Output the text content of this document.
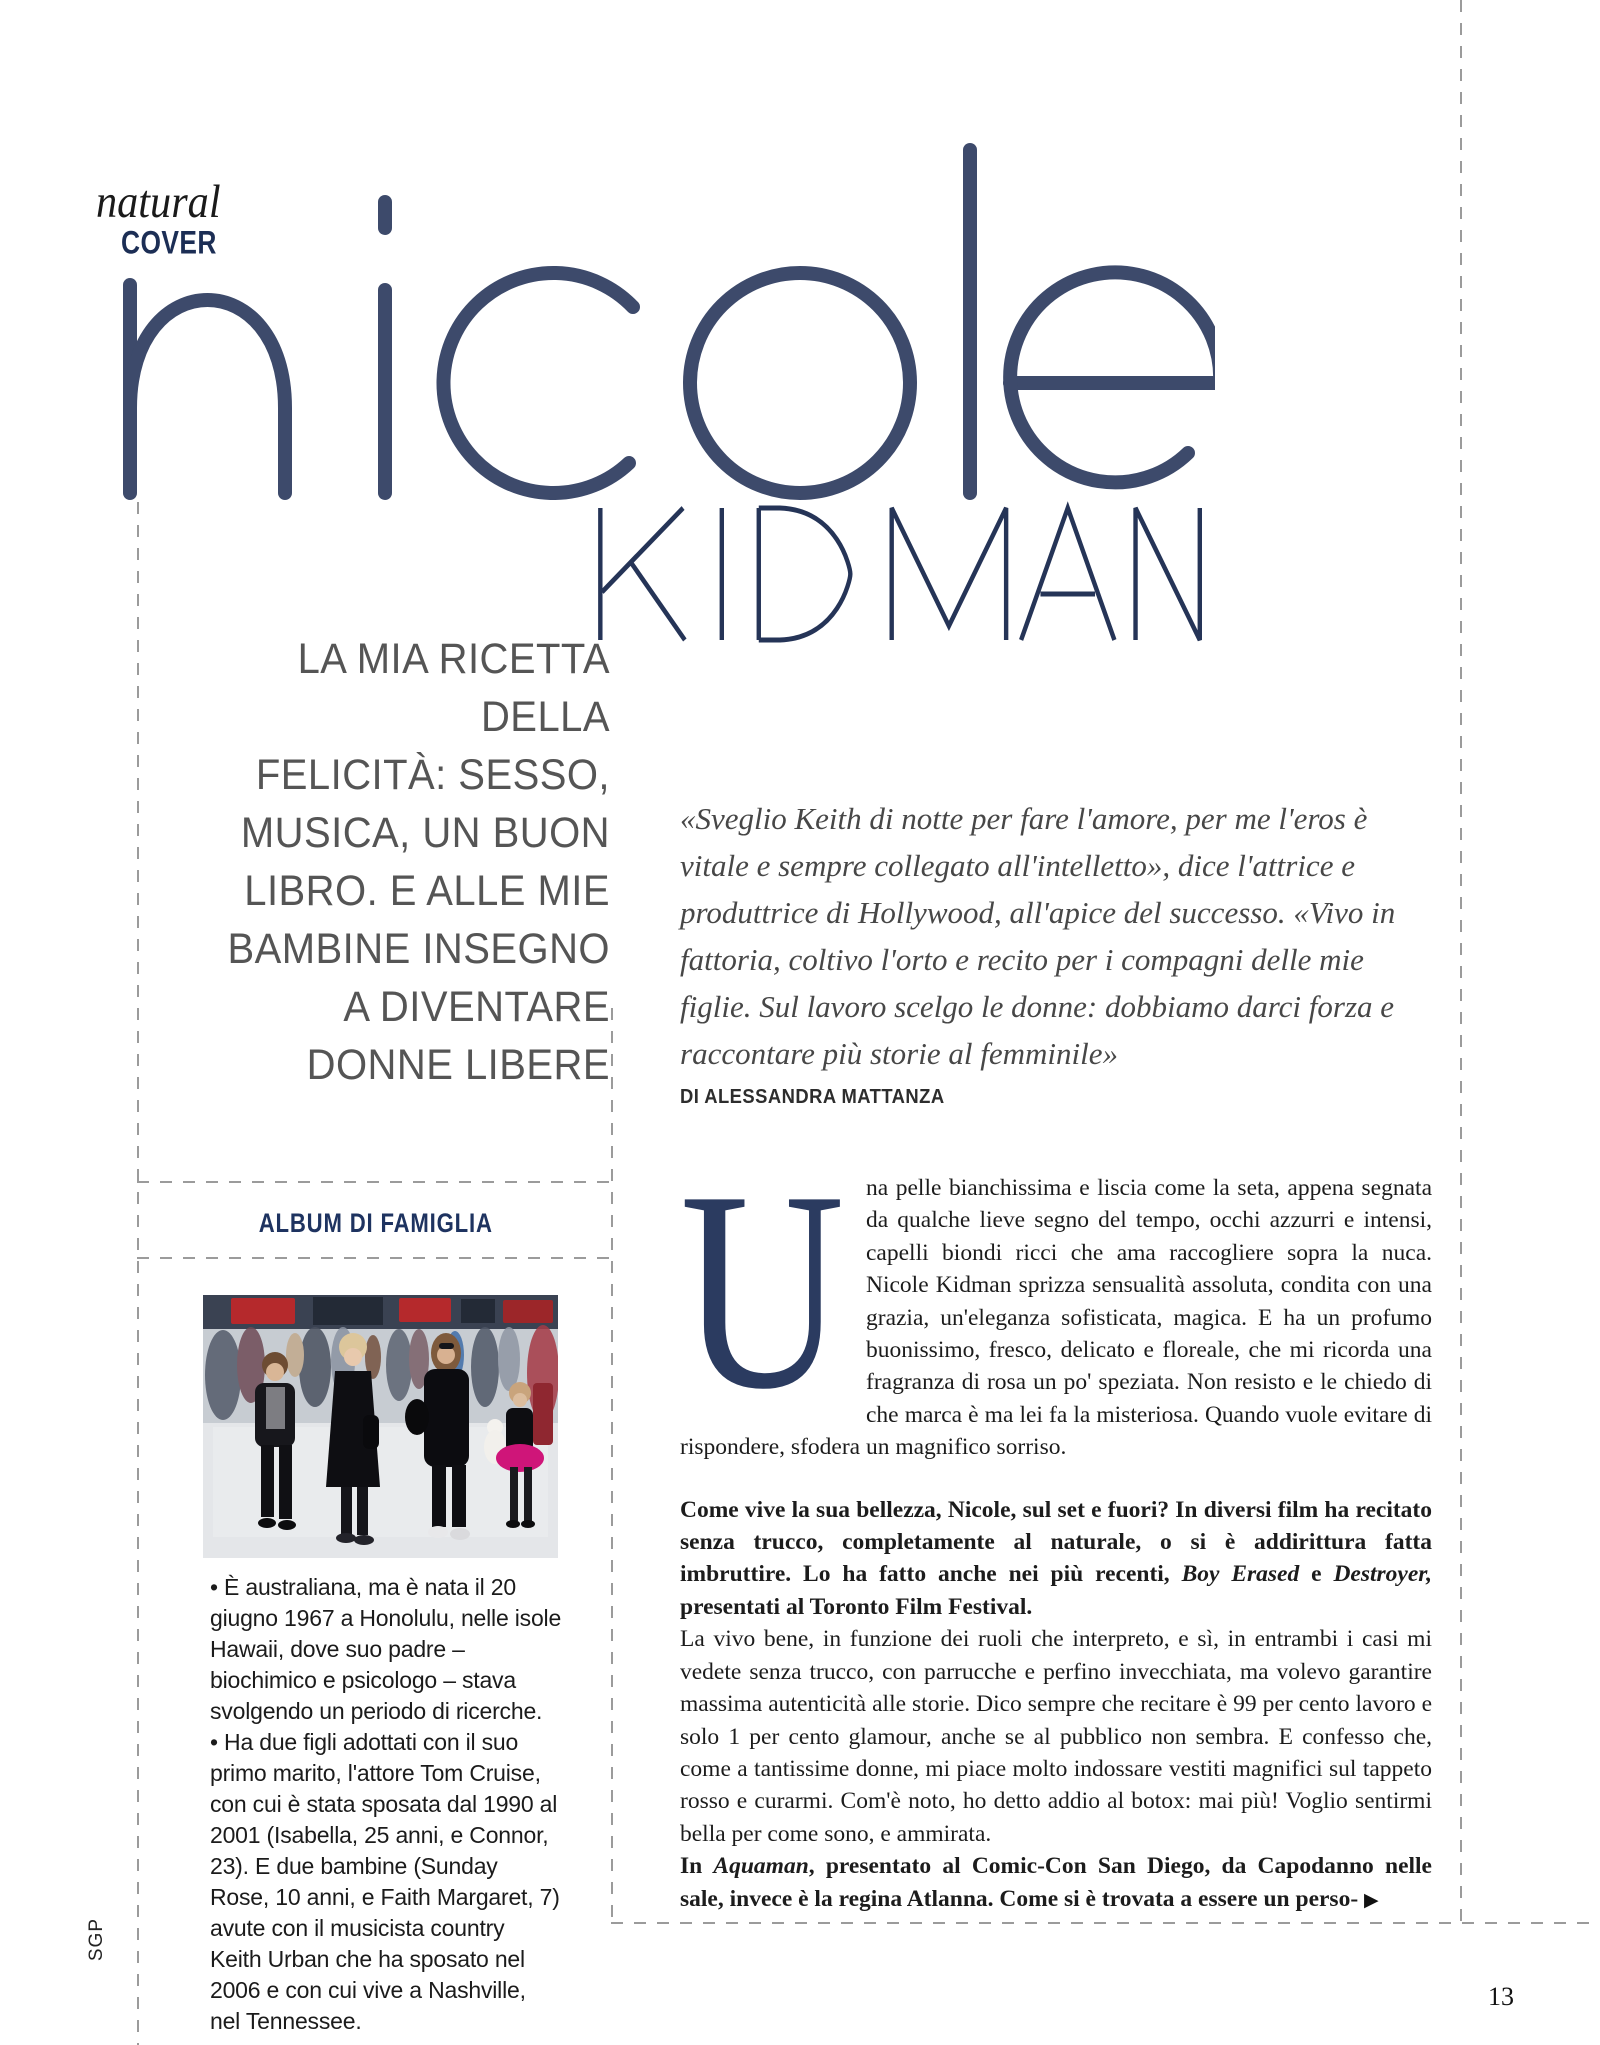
natural
COVER
LA MIA RICETTA DELLA
FELICITÀ: SESSO,
MUSICA, UN BUON
LIBRO. E ALLE MIE
BAMBINE INSEGNO
A DIVENTARE
DONNE LIBERE
«Sveglio Keith di notte per fare l'amore, per me l'eros è vitale e sempre collegato all'intelletto», dice l'attrice e produttrice di Hollywood, all'apice del successo. «Vivo in fattoria, coltivo l'orto e recito per i compagni delle mie figlie. Sul lavoro scelgo le donne: dobbiamo darci forza e raccontare più storie al femminile»
DI ALESSANDRA MATTANZA

Una pelle bianchissima e liscia come la seta, appena segnata da qualche lieve segno del tempo, occhi azzurri e intensi, capelli biondi ricci che ama raccogliere sopra la nuca. Nicole Kidman sprizza sensualità assoluta, condita con una grazia, un'eleganza sofisticata, magica. E ha un profumo buonissimo, fresco, delicato e floreale, che mi ricorda una fragranza di rosa un po' speziata. Non resisto e le chiedo di che marca è ma lei fa la misteriosa. Quando vuole evitare di rispondere, sfodera un magnifico sorriso.

Come vive la sua bellezza, Nicole, sul set e fuori? In diversi film ha recitato senza trucco, completamente al naturale, o si è addirittura fatta imbruttire. Lo ha fatto anche nei più recenti, Boy Erased e Destroyer, presentati al Toronto Film Festival.

La vivo bene, in funzione dei ruoli che interpreto, e sì, in entrambi i casi mi vedete senza trucco, con parrucche e perfino invecchiata, ma volevo garantire massima autenticità alle storie. Dico sempre che recitare è 99 per cento lavoro e solo 1 per cento glamour, anche se al pubblico non sembra. E confesso che, come a tantissime donne, mi piace molto indossare vestiti magnifici sul tappeto rosso e curarmi. Com'è noto, ho detto addio al botox: mai più! Voglio sentirmi bella per come sono, e ammirata.

In Aquaman, presentato al Comic-Con San Diego, da Capodanno nelle sale, invece è la regina Atlanna. Come si è trovata a essere un perso- ▶

ALBUM DI FAMIGLIA

• È australiana, ma è nata il 20 giugno 1967 a Honolulu, nelle isole Hawaii, dove suo padre – biochimico e psicologo – stava svolgendo un periodo di ricerche.

• Ha due figli adottati con il suo primo marito, l'attore Tom Cruise, con cui è stata sposata dal 1990 al 2001 (Isabella, 25 anni, e Connor, 23). E due bambine (Sunday Rose, 10 anni, e Faith Margaret, 7) avute con il musicista country Keith Urban che ha sposato nel 2006 e con cui vive a Nashville, nel Tennessee.

SGP
13
